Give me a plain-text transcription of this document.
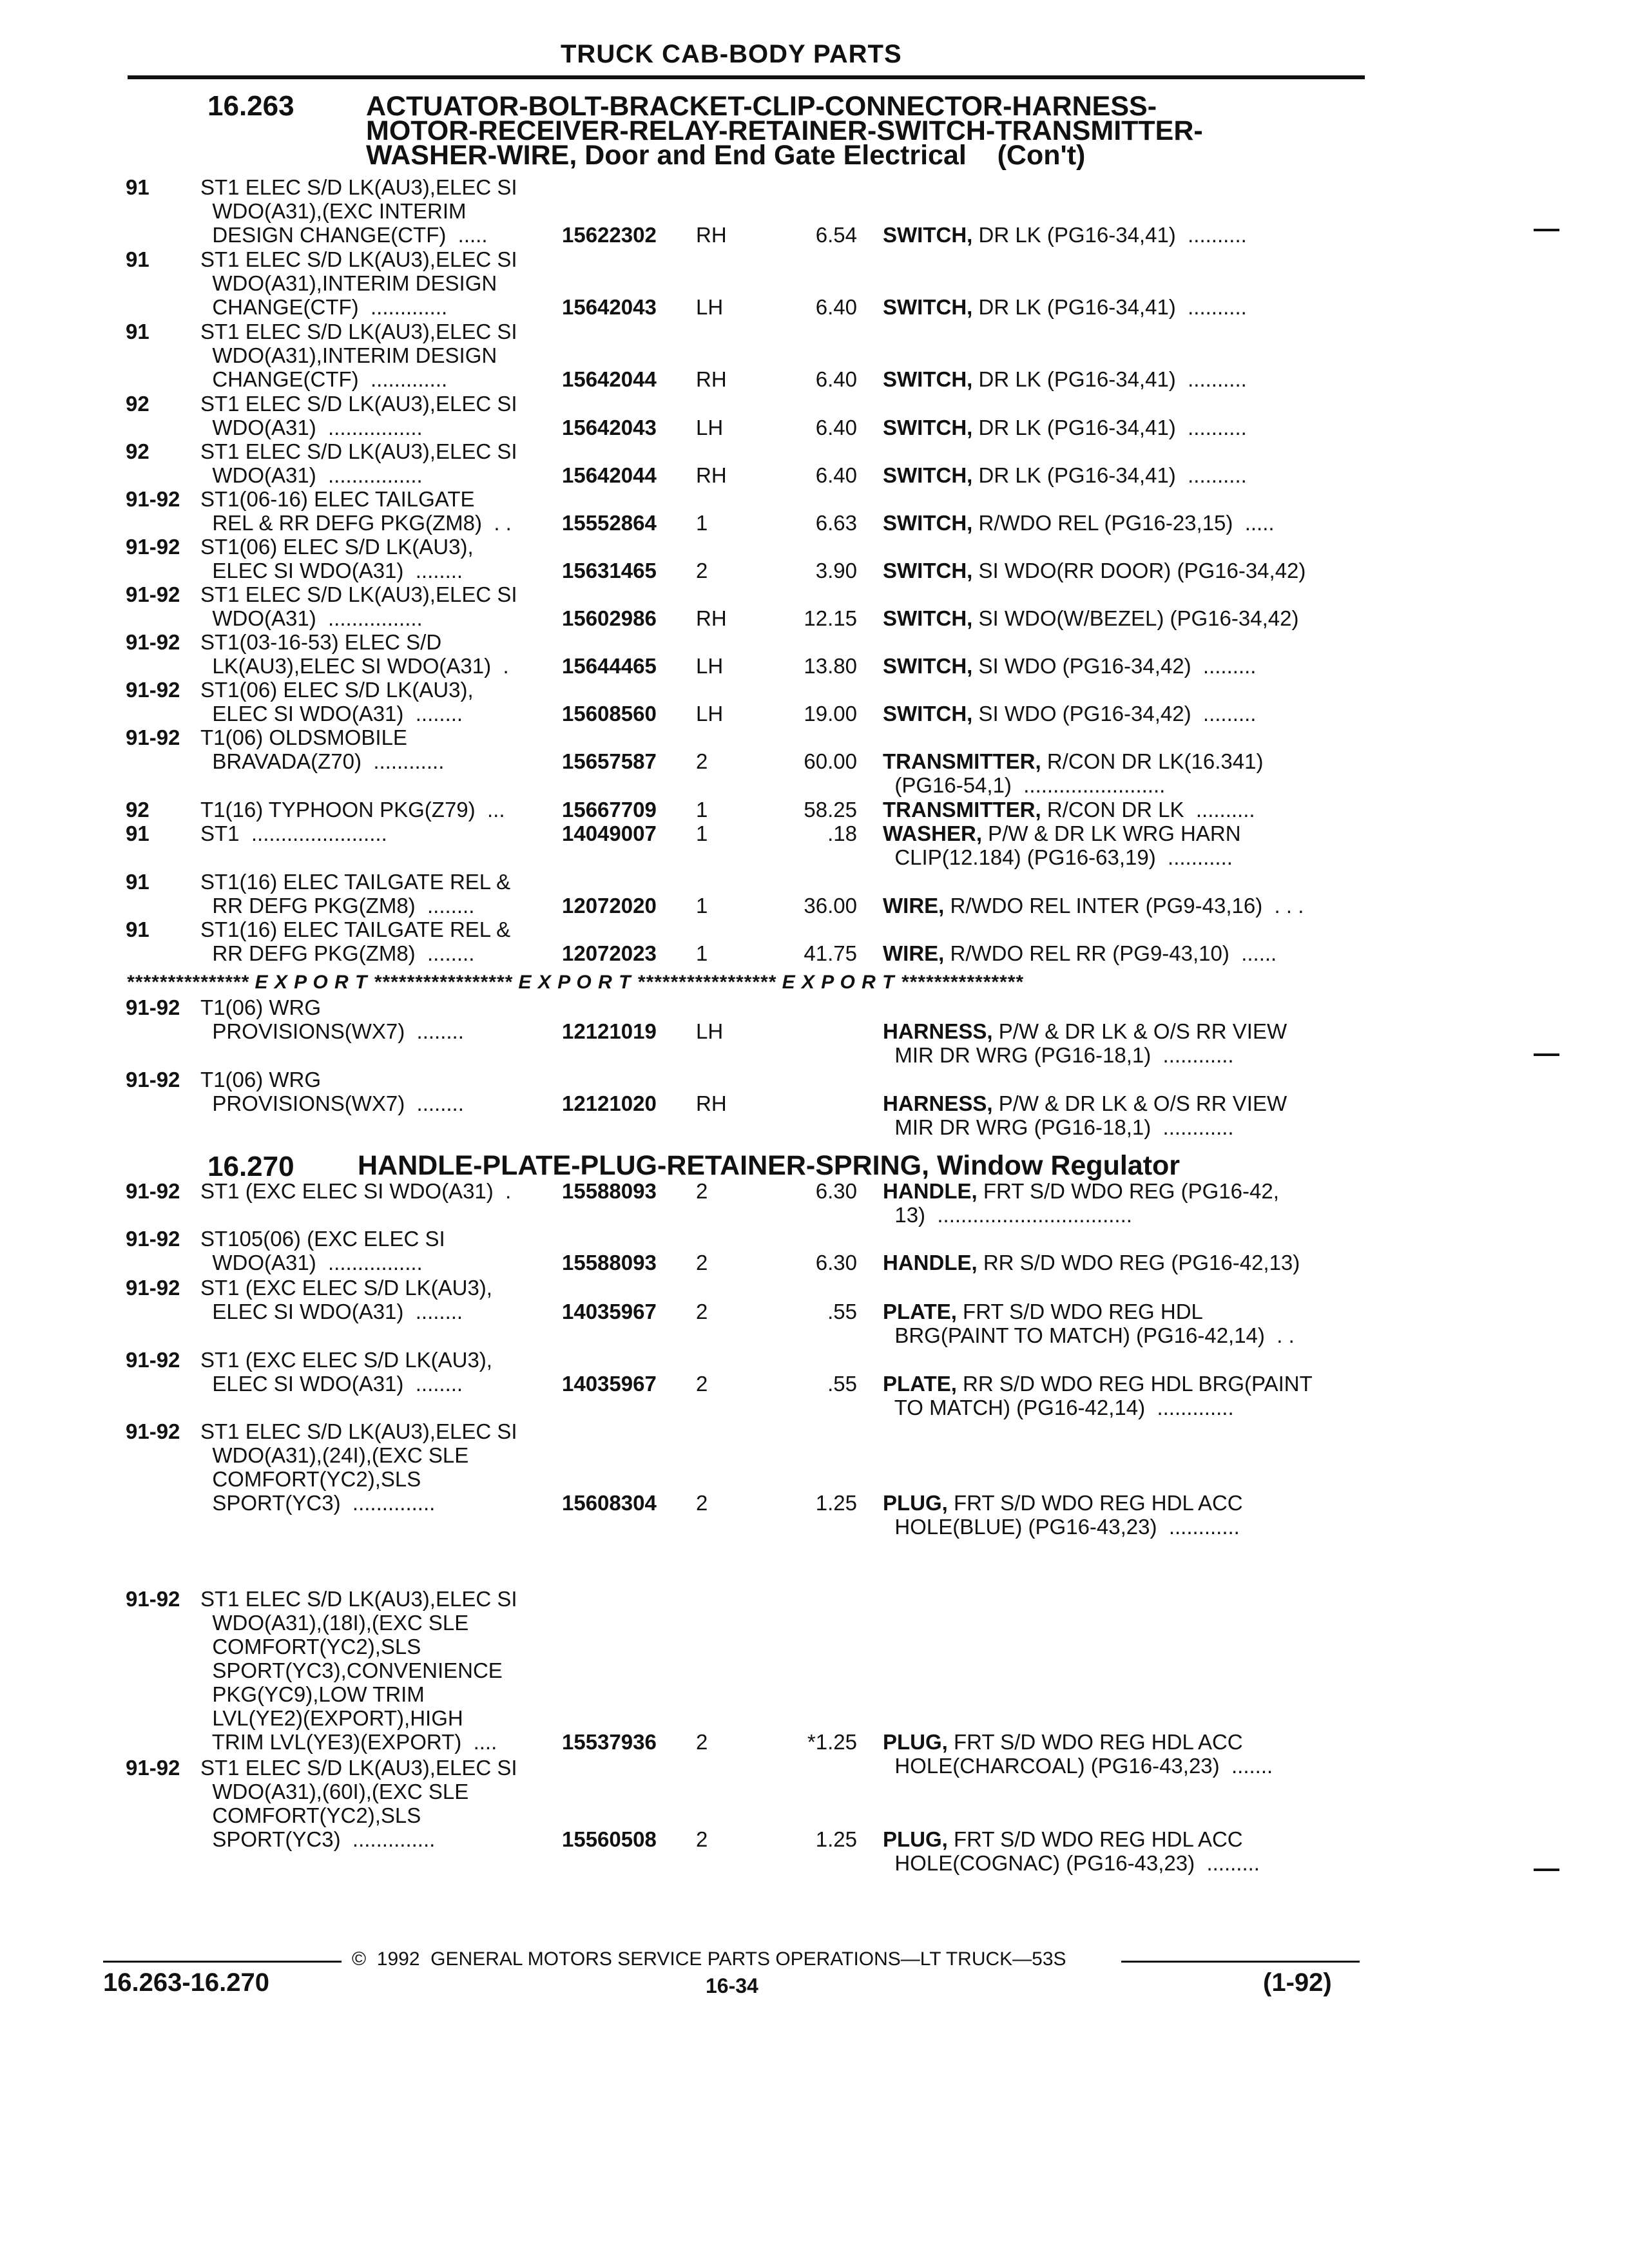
TRUCK CAB-BODY PARTS
16.263	ACTUATOR-BOLT-BRACKET-CLIP-CONNECTOR-HARNESS-
MOTOR-RECEIVER-RELAY-RETAINER-SWITCH-TRANSMITTER-
WASHER-WIRE, Door and End Gate Electrical    (Con't)
91 ST1 ELEC S/D LK(AU3),ELEC SI
WDO(A31),(EXC INTERIM
DESIGN CHANGE(CTF)  .....	15622302 RH	6.54 SWITCH, DR LK (PG16-34,41)  ..........
91 ST1 ELEC S/D LK(AU3),ELEC SI
WDO(A31),INTERIM DESIGN
CHANGE(CTF)  .............	15642043 LH	6.40 SWITCH, DR LK (PG16-34,41)  ..........
91 ST1 ELEC S/D LK(AU3),ELEC SI
WDO(A31),INTERIM DESIGN
CHANGE(CTF)  .............	15642044 RH	6.40 SWITCH, DR LK (PG16-34,41)  ..........
92 ST1 ELEC S/D LK(AU3),ELEC SI
WDO(A31)  ................	15642043 LH	6.40 SWITCH, DR LK (PG16-34,41)  ..........
92 ST1 ELEC S/D LK(AU3),ELEC SI
WDO(A31)  ................	15642044 RH	6.40 SWITCH, DR LK (PG16-34,41)  ..........
91-92 ST1(06-16) ELEC TAILGATE
REL & RR DEFG PKG(ZM8)  . . 15552864 1	6.63 SWITCH, R/WDO REL (PG16-23,15)  .....
91-92 ST1(06) ELEC S/D LK(AU3),
ELEC SI WDO(A31)  ........	15631465 2	3.90 SWITCH, SI WDO(RR DOOR) (PG16-34,42)
91-92 ST1 ELEC S/D LK(AU3),ELEC SI
WDO(A31)  ................	15602986 RH	12.15 SWITCH, SI WDO(W/BEZEL) (PG16-34,42)
91-92 ST1(03-16-53) ELEC S/D
LK(AU3),ELEC SI WDO(A31)  . 15644465 LH	13.80 SWITCH, SI WDO (PG16-34,42)  .........
91-92 ST1(06) ELEC S/D LK(AU3),
ELEC SI WDO(A31)  ........	15608560 LH	19.00 SWITCH, SI WDO (PG16-34,42)  .........
91-92 T1(06) OLDSMOBILE
BRAVADA(Z70)  ............	15657587 2	60.00 TRANSMITTER, R/CON DR LK(16.341)
(PG16-54,1)  ........................
92 T1(16) TYPHOON PKG(Z79)  ...	15667709 1	58.25 TRANSMITTER, R/CON DR LK  ..........
91 ST1  .......................	14049007 1	.18 WASHER, P/W & DR LK WRG HARN
CLIP(12.184) (PG16-63,19)  ...........
91 ST1(16) ELEC TAILGATE REL &
RR DEFG PKG(ZM8)  ........	12072020 1	36.00 WIRE, R/WDO REL INTER (PG9-43,16)  . . .
91 ST1(16) ELEC TAILGATE REL &
RR DEFG PKG(ZM8)  ........	12072023 1	41.75 WIRE, R/WDO REL RR (PG9-43,10)  ......
*************** E X P O R T ***************** E X P O R T ***************** E X P O R T ***************
91-92 T1(06) WRG
PROVISIONS(WX7)  ........	12121019 LH	HARNESS, P/W & DR LK & O/S RR VIEW
MIR DR WRG (PG16-18,1)  ............
91-92 T1(06) WRG
PROVISIONS(WX7)  ........	12121020 RH	HARNESS, P/W & DR LK & O/S RR VIEW
MIR DR WRG (PG16-18,1)  ............
16.270 HANDLE-PLATE-PLUG-RETAINER-SPRING, Window Regulator
91-92 ST1 (EXC ELEC SI WDO(A31)  . 15588093 2	6.30 HANDLE, FRT S/D WDO REG (PG16-42,
13)  .................................
91-92 ST105(06) (EXC ELEC SI
WDO(A31)  ................	15588093 2	6.30 HANDLE, RR S/D WDO REG (PG16-42,13)
91-92 ST1 (EXC ELEC S/D LK(AU3),
ELEC SI WDO(A31)  ........	14035967 2	.55 PLATE, FRT S/D WDO REG HDL
BRG(PAINT TO MATCH) (PG16-42,14)  . .
91-92 ST1 (EXC ELEC S/D LK(AU3),
ELEC SI WDO(A31)  ........	14035967 2	.55 PLATE, RR S/D WDO REG HDL BRG(PAINT
TO MATCH) (PG16-42,14)  .............
91-92 ST1 ELEC S/D LK(AU3),ELEC SI
WDO(A31),(24I),(EXC SLE
COMFORT(YC2),SLS
SPORT(YC3)  ..............	15608304 2	1.25 PLUG, FRT S/D WDO REG HDL ACC
HOLE(BLUE) (PG16-43,23)  ............
91-92 ST1 ELEC S/D LK(AU3),ELEC SI
WDO(A31),(18I),(EXC SLE
COMFORT(YC2),SLS
SPORT(YC3),CONVENIENCE
PKG(YC9),LOW TRIM
LVL(YE2)(EXPORT),HIGH
TRIM LVL(YE3)(EXPORT)  ....	15537936 2	*1.25 PLUG, FRT S/D WDO REG HDL ACC
HOLE(CHARCOAL) (PG16-43,23)  .......
91-92 ST1 ELEC S/D LK(AU3),ELEC SI
WDO(A31),(60I),(EXC SLE
COMFORT(YC2),SLS
SPORT(YC3)  ..............	15560508 2	1.25 PLUG, FRT S/D WDO REG HDL ACC
HOLE(COGNAC) (PG16-43,23)  .........
©  1992  GENERAL MOTORS SERVICE PARTS OPERATIONS—LT TRUCK—53S
16.263-16.270	16-34	(1-92)
